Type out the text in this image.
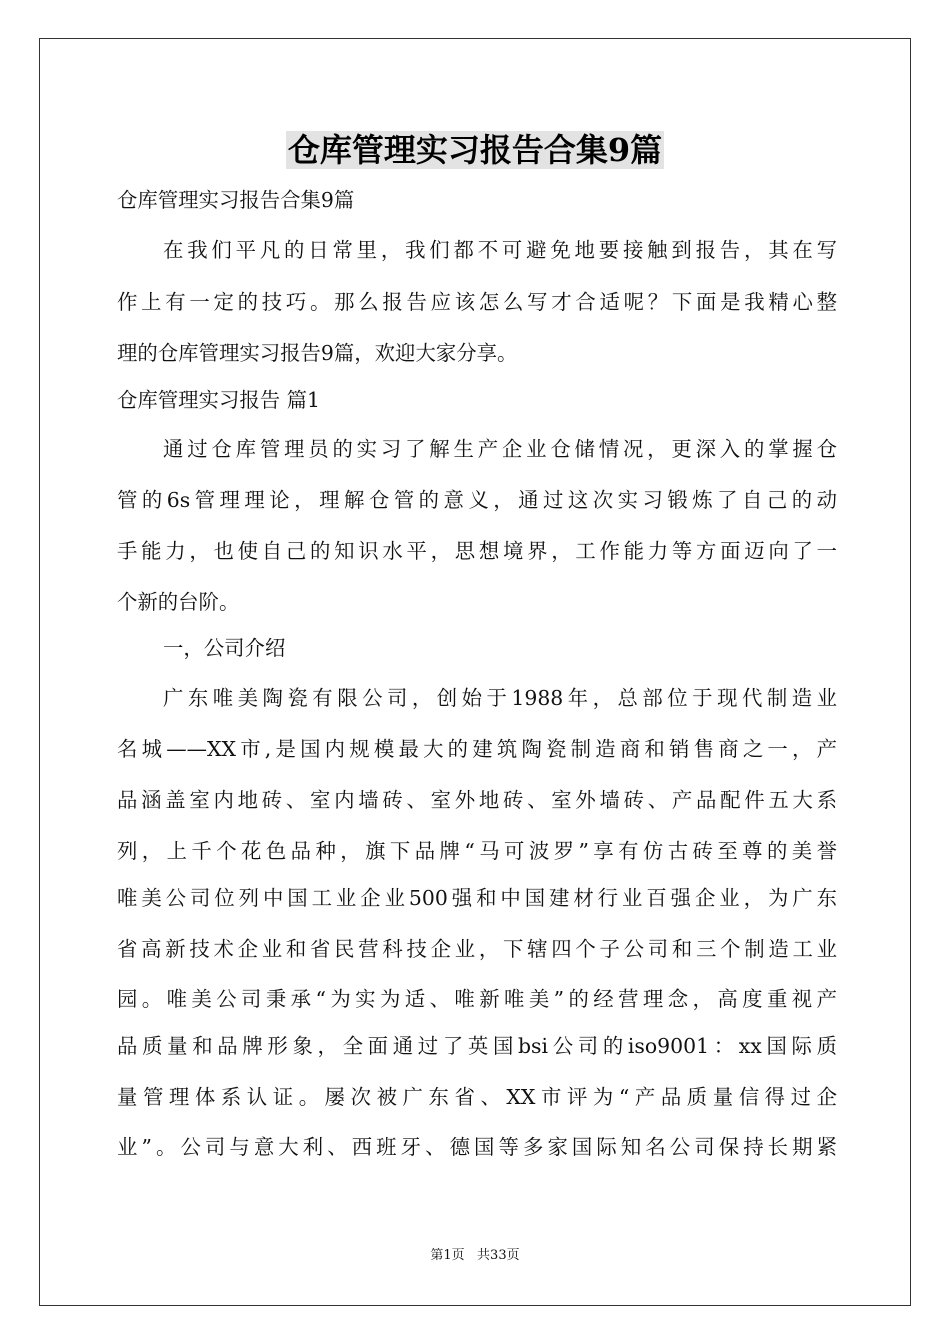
仓库管理实习报告合集9篇
仓库管理实习报告合集9篇
在我们平凡的日常里，我们都不可避免地要接触到报告，其在写
作上有一定的技巧。那么报告应该怎么写才合适呢？下面是我精心整
理的仓库管理实习报告9篇，欢迎大家分享。
仓库管理实习报告 篇1
通过仓库管理员的实习了解生产企业仓储情况，更深入的掌握仓
管的6s管理理论，理解仓管的意义，通过这次实习锻炼了自己的动
手能力，也使自己的知识水平，思想境界，工作能力等方面迈向了一
个新的台阶。
一，公司介绍
广东唯美陶瓷有限公司，创始于1988年，总部位于现代制造业
名城——XX市,是国内规模最大的建筑陶瓷制造商和销售商之一，产
品涵盖室内地砖、室内墙砖、室外地砖、室外墙砖、产品配件五大系
列，上千个花色品种，旗下品牌“马可波罗”享有仿古砖至尊的美誉
唯美公司位列中国工业企业500强和中国建材行业百强企业，为广东
省高新技术企业和省民营科技企业，下辖四个子公司和三个制造工业
园。唯美公司秉承“为实为适、唯新唯美”的经营理念，高度重视产
品质量和品牌形象，全面通过了英国bsi公司的iso9001：xx国际质
量管理体系认证。屡次被广东省、XX市评为“产品质量信得过企
业”。公司与意大利、西班牙、德国等多家国际知名公司保持长期紧
第1页   共33页
